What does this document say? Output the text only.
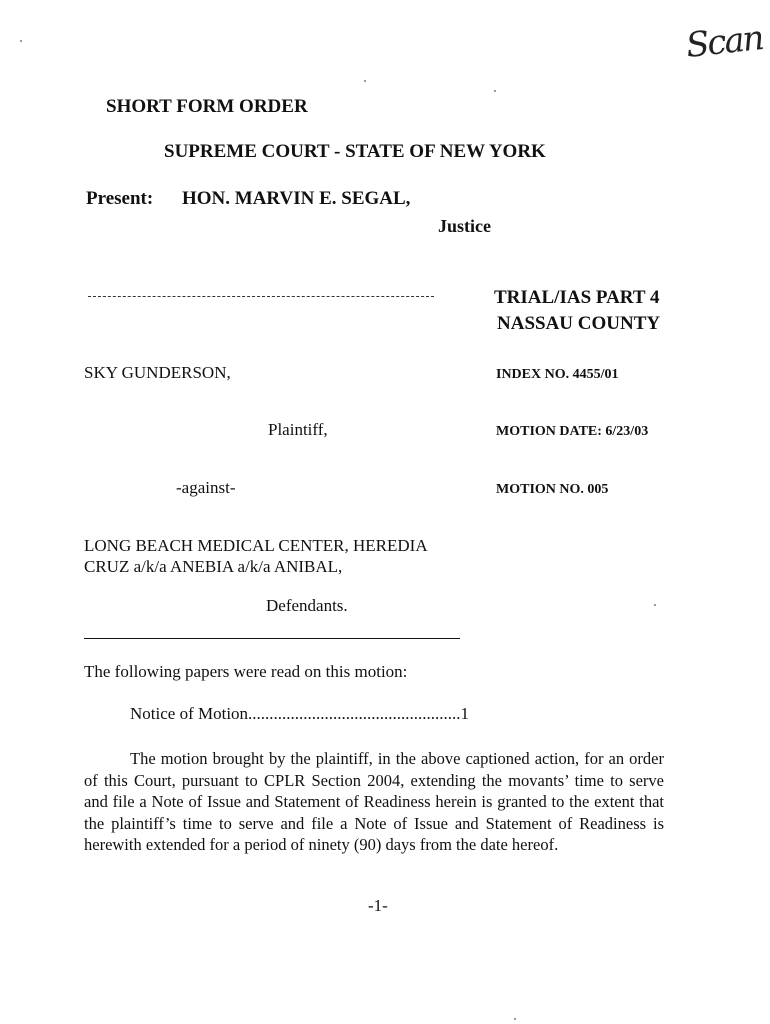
Scan
SHORT FORM ORDER
SUPREME COURT - STATE OF NEW YORK
Present: HON. MARVIN E. SEGAL,
Justice
TRIAL/IAS PART 4
NASSAU COUNTY
SKY GUNDERSON,	INDEX NO. 4455/01
Plaintiff,	MOTION DATE: 6/23/03
-against-	MOTION NO. 005
LONG BEACH MEDICAL CENTER, HEREDIA
CRUZ a/k/a ANEBIA a/k/a ANIBAL,
Defendants.
The following papers were read on this motion:
Notice of Motion..................................................1
The motion brought by the plaintiff, in the above captioned action, for an order of this Court, pursuant to CPLR Section 2004, extending the movants’ time to serve and file a Note of Issue and Statement of Readiness herein is granted to the extent that the plaintiff’s time to serve and file a Note of Issue and Statement of Readiness is herewith extended for a period of ninety (90) days from the date hereof.
-1-
